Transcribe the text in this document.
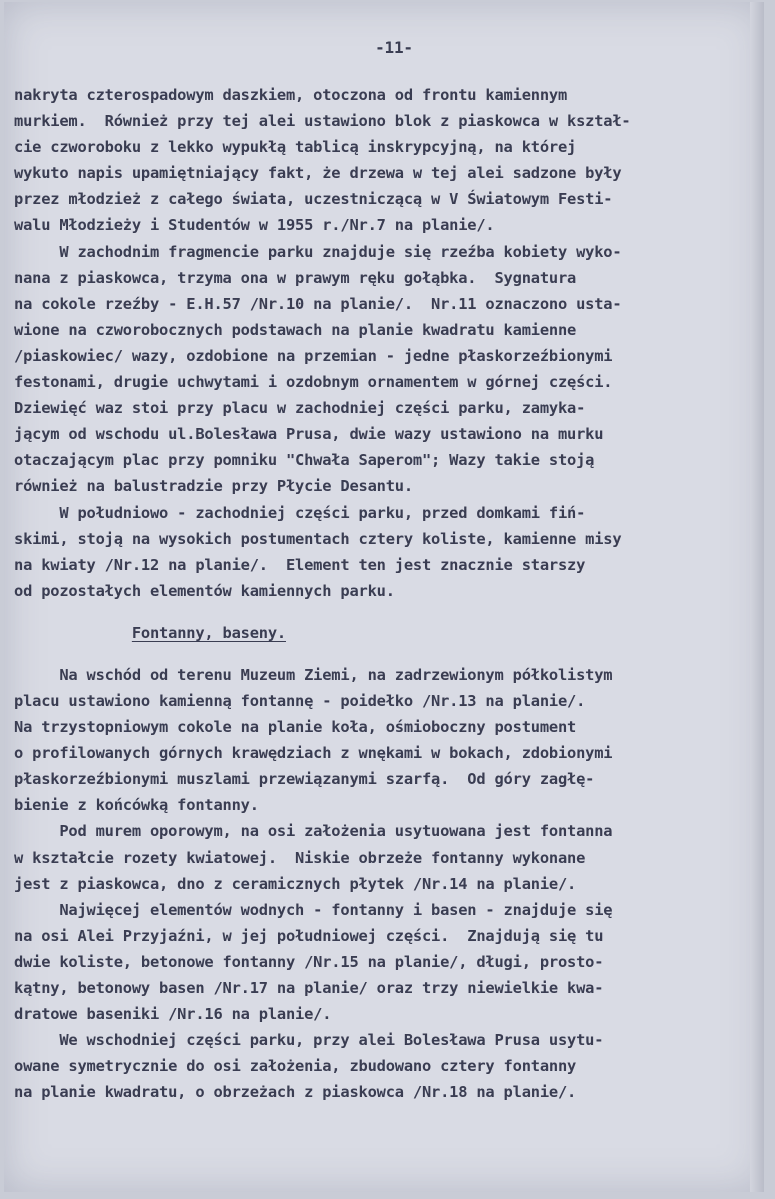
-11-
nakryta czterospadowym daszkiem, otoczona od frontu kamiennym
murkiem.  Również przy tej alei ustawiono blok z piaskowca w kształ-
cie czworoboku z lekko wypukłą tablicą inskrypcyjną, na której
wykuto napis upamiętniający fakt, że drzewa w tej alei sadzone były
przez młodzież z całego świata, uczestniczącą w V Światowym Festi-
walu Młodzieży i Studentów w 1955 r./Nr.7 na planie/.
W zachodnim fragmencie parku znajduje się rzeźba kobiety wyko-
nana z piaskowca, trzyma ona w prawym ręku gołąbka.  Sygnatura
na cokole rzeźby - E.H.57 /Nr.10 na planie/.  Nr.11 oznaczono usta-
wione na czworobocznych podstawach na planie kwadratu kamienne
/piaskowiec/ wazy, ozdobione na przemian - jedne płaskorzeźbionymi
festonami, drugie uchwytami i ozdobnym ornamentem w górnej części.
Dziewięć waz stoi przy placu w zachodniej części parku, zamyka-
jącym od wschodu ul.Bolesława Prusa, dwie wazy ustawiono na murku
otaczającym plac przy pomniku "Chwała Saperom"; Wazy takie stoją
również na balustradzie przy Płycie Desantu.
W południowo - zachodniej części parku, przed domkami fiń-
skimi, stoją na wysokich postumentach cztery koliste, kamienne misy
na kwiaty /Nr.12 na planie/.  Element ten jest znacznie starszy
od pozostałych elementów kamiennych parku.
Fontanny, baseny.
Na wschód od terenu Muzeum Ziemi, na zadrzewionym półkolistym
placu ustawiono kamienną fontannę - poidełko /Nr.13 na planie/.
Na trzystopniowym cokole na planie koła, ośmioboczny postument
o profilowanych górnych krawędziach z wnękami w bokach, zdobionymi
płaskorzeźbionymi muszlami przewiązanymi szarfą.  Od góry zagłę-
bienie z końcówką fontanny.
Pod murem oporowym, na osi założenia usytuowana jest fontanna
w kształcie rozety kwiatowej.  Niskie obrzeże fontanny wykonane
jest z piaskowca, dno z ceramicznych płytek /Nr.14 na planie/.
Najwięcej elementów wodnych - fontanny i basen - znajduje się
na osi Alei Przyjaźni, w jej południowej części.  Znajdują się tu
dwie koliste, betonowe fontanny /Nr.15 na planie/, długi, prosto-
kątny, betonowy basen /Nr.17 na planie/ oraz trzy niewielkie kwa-
dratowe baseniki /Nr.16 na planie/.
We wschodniej części parku, przy alei Bolesława Prusa usytu-
owane symetrycznie do osi założenia, zbudowano cztery fontanny
na planie kwadratu, o obrzeżach z piaskowca /Nr.18 na planie/.
